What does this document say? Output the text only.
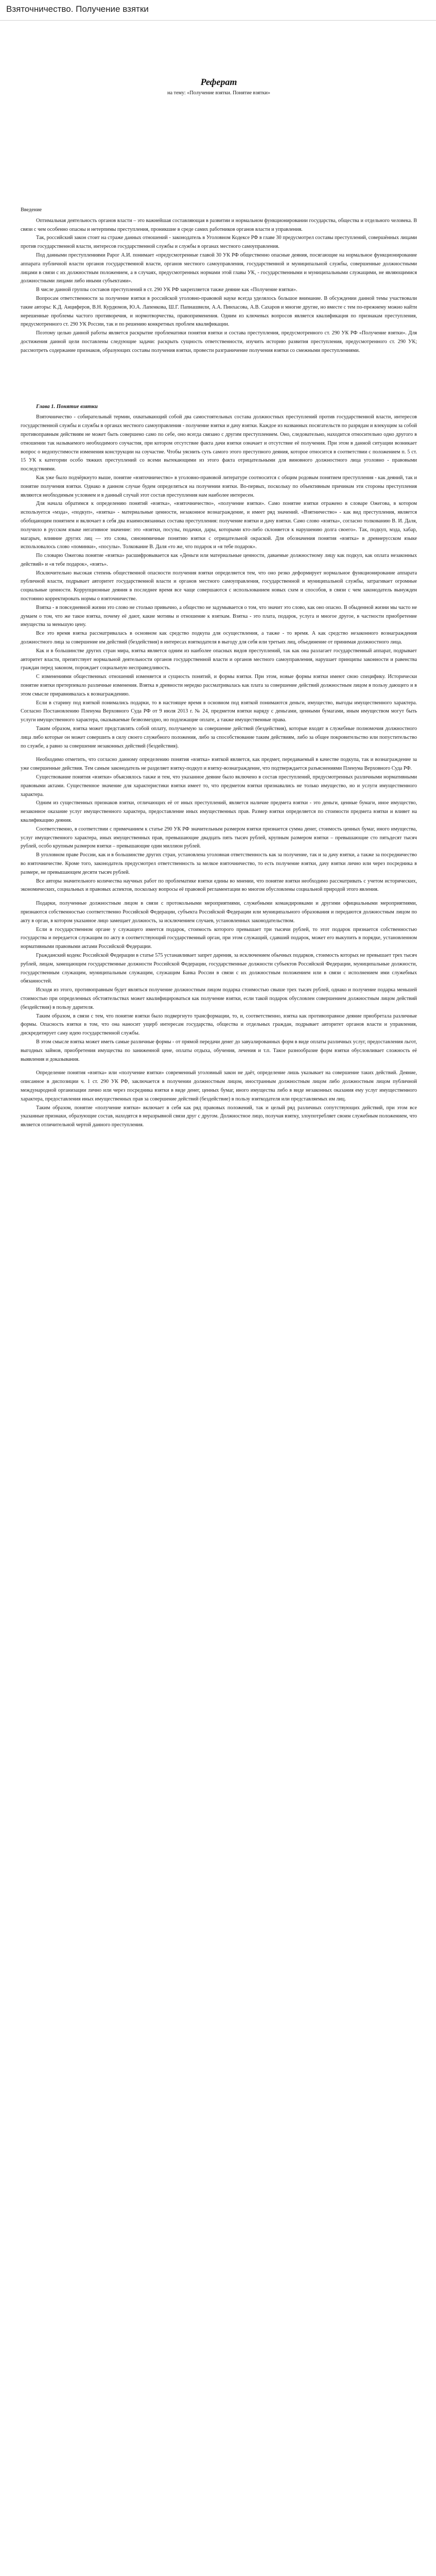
Взяточничество. Получение взятки
Реферат

на тему: «Получение взятки. Понятие взятки»

Введение

Оптимальная деятельность органов власти – это важнейшая составляющая в развитии и нормальном функционировании государства, общества и отдельного человека. В связи с чем особенно опасны и нетерпимы преступления, проникшие в среде самих работников органов власти и управления.

Так, российский закон стоит на страже данных отношений - законодатель в Уголовном Кодексе РФ в главе 30 предусмотрел составы преступлений, совершённых лицами против государственной власти, интересов государственной службы и службы в органах местного самоуправления.

Под данными преступлениями Рарог А.И. понимает «предусмотренные главой 30 УК РФ общественно опасные деяния, посягающие на нормальное функционирование аппарата публичной власти органов государственной власти, органов местного самоуправления, государственной и муниципальной службы, совершенные должностными лицами в связи с их должностным положением, а в случаях, предусмотренных нормами этой главы УК, - государственными и муниципальными служащими, не являющимися должностными лицами либо иными субъектами».

В числе данной группы составов преступлений в ст. 290 УК РФ закрепляется также деяние как «Получение взятки».

Вопросам ответственности за получение взятки в российской уголовно-правовой науке всегда уделялось большое внимание. В обсуждении данной темы участвовали такие авторы: К.Д. Анциферов, В.Н. Курдюмов, Ю.А. Лапенкова, Ш.Г. Папиашвили, А.А. Пинхасова, А.В. Сахаров и многие другие, но вместе с тем по-прежнему можно найти нерешенные проблемы частого противоречия, и нормотворчества, правоприменения. Одним из ключевых вопросов является квалификация по признакам преступления, предусмотренного ст. 290 УК России, так и по решению конкретных проблем квалификации.

Поэтому целью данной работы является раскрытие проблематики понятия взятки и состава преступления, предусмотренного ст. 290 УК РФ «Получение взятки». Для достижения данной цели поставлены следующие задачи: раскрыть сущность ответственности, изучить историю развития преступления, предусмотренного ст. 290 УК; рассмотреть содержание признаков, образующих составы получения взятки, провести разграничение получения взятки со смежными преступлениями.

Глава 1. Понятие взятки

Взяточничество - собирательный термин, охватывающий собой два самостоятельных состава должностных преступлений против государственной власти, интересов государственной службы и службы в органах местного самоуправления - получение взятки и дачу взятки. Каждое из названных посягательств по разрядам и влекущим за собой противоправным действиям не может быть совершено само по себе, оно всегда связано с другим преступлением. Оно, следовательно, находится относительно одно другого в отношении так называемого необходимого соучастия, при котором отсутствие факта дачи взятки означает и отсутствие её получения. При этом в данной ситуации возникает вопрос о недопустимости изменения конструкции на соучастие. Чтобы уяснить суть самого этого преступного деяния, которое относится в соответствии с положением п. 5 ст. 15 УК к категории особо тяжких преступлений со всеми вытекающими из этого факта отрицательными для виновного должностного лица уголовно - правовыми последствиями.

Как уже было подчёркнуто выше, понятие «взяточничество» в уголовно-правовой литературе соотносится с общим родовым понятием преступления - как деяний, так и понятие получения взятки. Однако в данном случае будем определяться на получении взятки. Во-первых, поскольку по объективным причинам эти стороны преступления являются необходимым условием и в данный случай этот состав преступления нам наиболее интересен.

Для начала обратимся к определению понятий «взятка», «взяточничество», «получение взятки». Само понятие взятки отражено в словаре Ожегова, в котором используется «мзда», «подкуп», «взятка» - материальные ценности, незаконное вознаграждение, и имеет ряд значений. «Взятничество» - как вид преступления, является обобщающим понятием и включает в себя два взаимосвязанных состава преступления: получение взятки и дачу взятки. Само слово «взятка», согласно толкованию В. И. Даля, получило в русском языке негативное значение: это «взятки, посулы, подачки, дары, которыми кто-либо склоняется к нарушению долга своего». Так, подкуп, мзда, хабар, магарыч, влияние других лиц — это слова, синонимичные понятию взятки с отрицательной окраской. Для обозначения понятия «взятка» в древнерусском языке использовалось слово «поминки», «посулы». Толкование В. Даля «то же, что подарок и «я тебе подарок».

По словарю Ожегова понятие «взятка» расшифровывается как «Деньги или материальные ценности, даваемые должностному лицу как подкуп, как оплата незаконных действий» и «я тебе подарок», «взять».

Исключительно высокая степень общественной опасности получения взятки определяется тем, что оно резко деформирует нормальное функционирование аппарата публичной власти, подрывает авторитет государственной власти и органов местного самоуправления, государственной и муниципальной службы, затрагивает огромные социальные ценности. Коррупционные деяния в последнее время все чаще совершаются с использованием новых схем и способов, в связи с чем законодатель вынужден постоянно корректировать нормы о взяточничестве.

Взятка - в повседневной жизни это слово не столько привычно, а общество не задумывается о том, что значит это слово, как оно опасно. В обыденной жизни мы часто не думаем о том, что же такое взятка, почему её дают, какие мотивы и отношение к взяткам. Взятка - это плата, подарок, услуга и многое другое, в частности приобретение имущества за меньшую цену.

Все это время взятка рассматривалась в основном как средство подкупа для осуществления, а также - то время. А как средство незаконного вознаграждения должностного лица за совершение им действий (бездействия) в интересах взяткодателя в выгоду для себя или третьих лиц, объединение от принимая должностного лица.

Как и в большинстве других стран мира, взятка является одним из наиболее опасных видов преступлений, так как она разлагает государственный аппарат, подрывает авторитет власти, препятствует нормальной деятельности органов государственной власти и органов местного самоуправления, нарушает принципы законности и равенства граждан перед законом, порождает социальную несправедливость.

С изменениями общественных отношений изменяется и сущность понятий, и формы взятки. При этом, новые формы взятки имеют свою специфику. Исторически понятие взятки претерпевало различные изменения. Взятка в древности нередко рассматривалась как плата за совершение действий должностным лицом в пользу дающего и в этом смысле приравнивалась к вознаграждению.

Если в старину под взяткой понимались подарки, то в настоящее время в основном под взяткой понимаются деньги, имущество, выгоды имущественного характера. Согласно Постановлению Пленума Верховного Суда РФ от 9 июля 2013 г. № 24, предметом взятки наряду с деньгами, ценными бумагами, иным имуществом могут быть услуги имущественного характера, оказываемые безвозмездно, но подлежащие оплате, а также имущественные права.

Таким образом, взятка может представлять собой оплату, получаемую за совершение действий (бездействия), которые входят в служебные полномочия должностного лица либо которые он может совершить в силу своего служебного положения, либо за способствование таким действиям, либо за общее покровительство или попустительство по службе, а равно за совершение незаконных действий (бездействия).

Необходимо отметить, что согласно данному определению понятия «взятка» взяткой является, как предмет, передаваемый в качестве подкупа, так и вознаграждение за уже совершенные действия. Тем самым законодатель не разделяет взятку-подкуп и взятку-вознаграждение, что подтверждается разъяснениями Пленума Верховного Суда РФ.

Существование понятия «взятки» объяснялось также и тем, что указанное деяние было включено в состав преступлений, предусмотренных различными нормативными правовыми актами. Существенное значение для характеристики взятки имеет то, что предметом взятки признавались не только имущество, но и услуги имущественного характера.

Одним из существенных признаков взятки, отличающих её от иных преступлений, является наличие предмета взятки - это деньги, ценные бумаги, иное имущество, незаконное оказание услуг имущественного характера, предоставление иных имущественных прав. Размер взятки определяется по стоимости предмета взятки и влияет на квалификацию деяния.

Соответственно, в соответствии с примечанием к статье 290 УК РФ значительным размером взятки признается сумма денег, стоимость ценных бумаг, иного имущества, услуг имущественного характера, иных имущественных прав, превышающие двадцать пять тысяч рублей, крупным размером взятки – превышающие сто пятьдесят тысяч рублей, особо крупным размером взятки – превышающие один миллион рублей.

В уголовном праве России, как и в большинстве других стран, установлена уголовная ответственность как за получение, так и за дачу взятки, а также за посредничество во взяточничестве. Кроме того, законодатель предусмотрел ответственность за мелкое взяточничество, то есть получение взятки, дачу взятки лично или через посредника в размере, не превышающем десяти тысяч рублей.

Все авторы значительного количества научных работ по проблематике взятки едины во мнении, что понятие взятки необходимо рассматривать с учетом исторических, экономических, социальных и правовых аспектов, поскольку вопросы её правовой регламентации во многом обусловлены социальной природой этого явления.

Подарки, полученные должностным лицом в связи с протокольными мероприятиями, служебными командировками и другими официальными мероприятиями, признаются собственностью соответственно Российской Федерации, субъекта Российской Федерации или муниципального образования и передаются должностным лицом по акту в орган, в котором указанное лицо замещает должность, за исключением случаев, установленных законодательством.

Если в государственном органе у служащего имеется подарок, стоимость которого превышает три тысячи рублей, то этот подарок признается собственностью государства и передается служащим по акту в соответствующий государственный орган, при этом служащий, сдавший подарок, может его выкупить в порядке, установленном нормативными правовыми актами Российской Федерации.

Гражданский кодекс Российской Федерации в статье 575 устанавливает запрет дарения, за исключением обычных подарков, стоимость которых не превышает трех тысяч рублей, лицам, замещающим государственные должности Российской Федерации, государственные должности субъектов Российской Федерации, муниципальные должности, государственным служащим, муниципальным служащим, служащим Банка России в связи с их должностным положением или в связи с исполнением ими служебных обязанностей.

Исходя из этого, противоправным будет являться получение должностным лицом подарка стоимостью свыше трех тысяч рублей, однако и получение подарка меньшей стоимостью при определенных обстоятельствах может квалифицироваться как получение взятки, если такой подарок обусловлен совершением должностным лицом действий (бездействия) в пользу дарителя.

Таким образом, в связи с тем, что понятие взятки было подвергнуто трансформации, то, и, соответственно, взятка как противоправное деяние приобретала различные формы. Опасность взятки в том, что она наносит ущерб интересам государства, общества и отдельных граждан, подрывает авторитет органов власти и управления, дискредитирует саму идею государственной службы.

В этом смысле взятка может иметь самые различные формы - от прямой передачи денег до завуалированных форм в виде оплаты различных услуг, предоставления льгот, выгодных займов, приобретения имущества по заниженной цене, оплаты отдыха, обучения, лечения и т.п. Такое разнообразие форм взятки обусловливает сложность её выявления и доказывания.

Определение понятия «взятка» или «получение взятки» современный уголовный закон не даёт, определение лишь указывает на совершение таких действий. Деяние, описанное в диспозиции ч. 1 ст. 290 УК РФ, заключается в получении должностным лицом, иностранным должностным лицом либо должностным лицом публичной международной организации лично или через посредника взятки в виде денег, ценных бумаг, иного имущества либо в виде незаконных оказания ему услуг имущественного характера, предоставления иных имущественных прав за совершение действий (бездействие) в пользу взяткодателя или представляемых им лиц.

Таким образом, понятие «получение взятки» включает в себя как ряд правовых положений, так и целый ряд различных сопутствующих действий, при этом все указанные признаки, образующие состав, находятся в неразрывной связи друг с другом. Должностное лицо, получая взятку, злоупотребляет своим служебным положением, что является отличительной чертой данного преступления.
